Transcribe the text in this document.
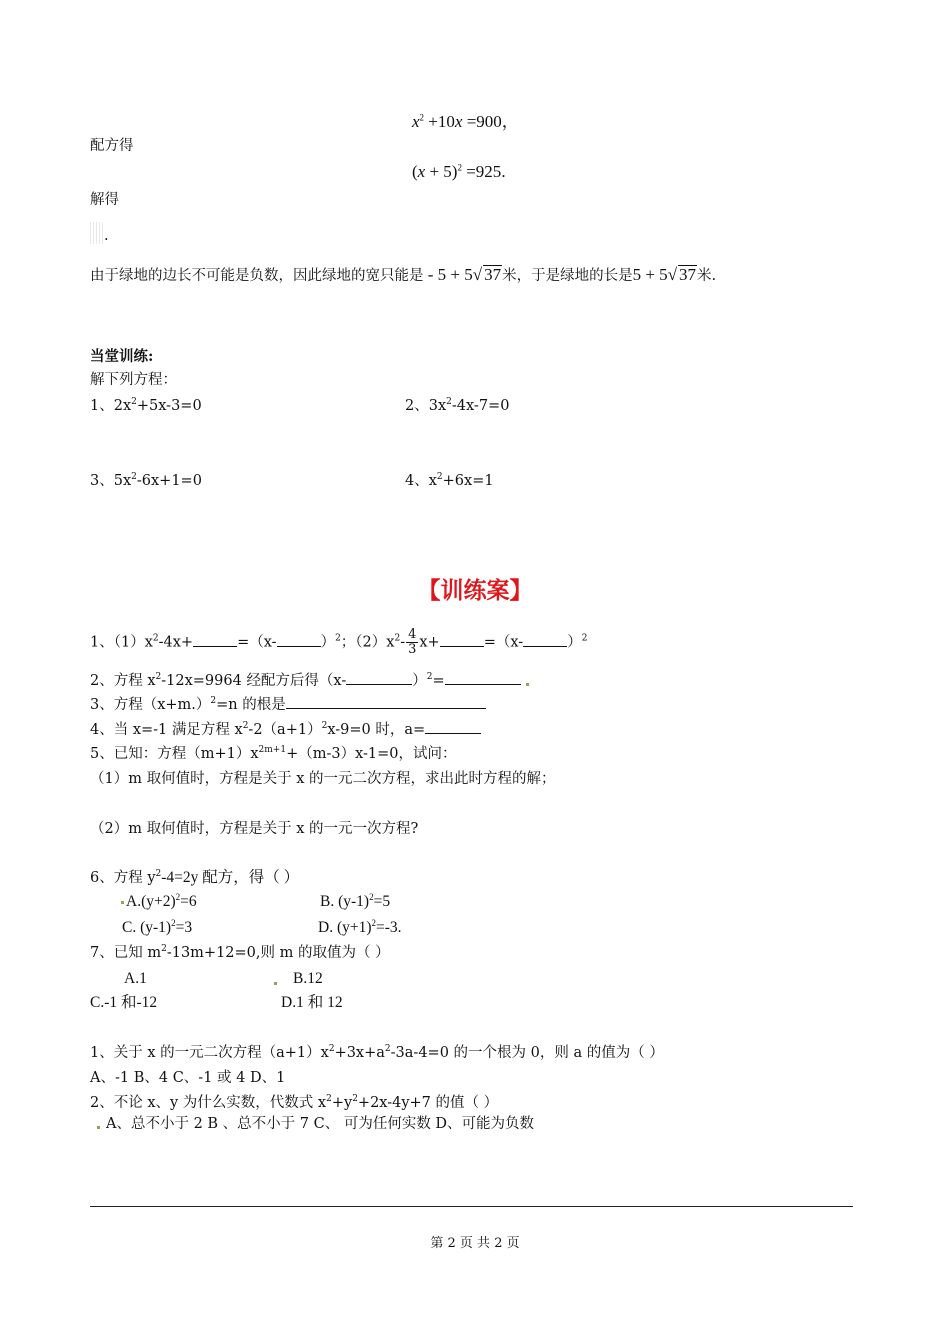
$x^2 +10x =900$，
配方得
$(x + 5)^2 =925$.
解得
.
由于绿地的边长不可能是负数，因此绿地的宽只能是 - 5 + 5√ 37米，于是绿地的长是5 + 5√ 37米.
当堂训练:
解下列方程：
1、$2x^2+5x-3=0$	2、$3x^2-4x-7=0$
3、$5x^2-6x+1=0$	4、$x^2+6x=1$
【训练案】
1、$(1)x^2-4x+$	=（x-	）$^2$；$(2)x^2- \frac{4}{3} x+$	=（x-	）$^2$
2、方程 $x^2-12x=9964$ 经配方后得（x-	）$^2$=
3、方程$(x+m.)^2=n$ 的根是
4、当 x=-1 满足方程 $x^2-2(a+1)^2x-9=0$ 时，a=
5、已知：方程$(m+1)x^{2m+1}+(m-3)x-1=0$，试问：
（1）m 取何值时，方程是关于 x 的一元二次方程，求出此时方程的解；
（2）m 取何值时，方程是关于 x 的一元一次方程?
6、方程 $y^2-4=2y$ 配方，得（ ）
$A.(y+2)^2=6$	B. $(y-1)^2=5$
C. $(y-1)^2=3$	D. $(y+1)^2=-3$.
7、已知 $m^2-13m+12=0$,则 m 的取值为（ ）
A.1	B.12
C.-1 和-12	D.1 和 12
1、关于 x 的一元二次方程$(a+1)x^2+3x+a^2-3a-4=0$ 的一个根为 0，则 a 的值为（ ）
A、-1 B、4 C、-1 或 4 D、1
2、不论 x、y 为什么实数，代数式 $x^2+y^2+2x-4y+7$ 的值（ ）
A、总不小于 2 B 、总不小于 7 C、 可为任何实数 D、可能为负数
第 2 页 共 2 页
